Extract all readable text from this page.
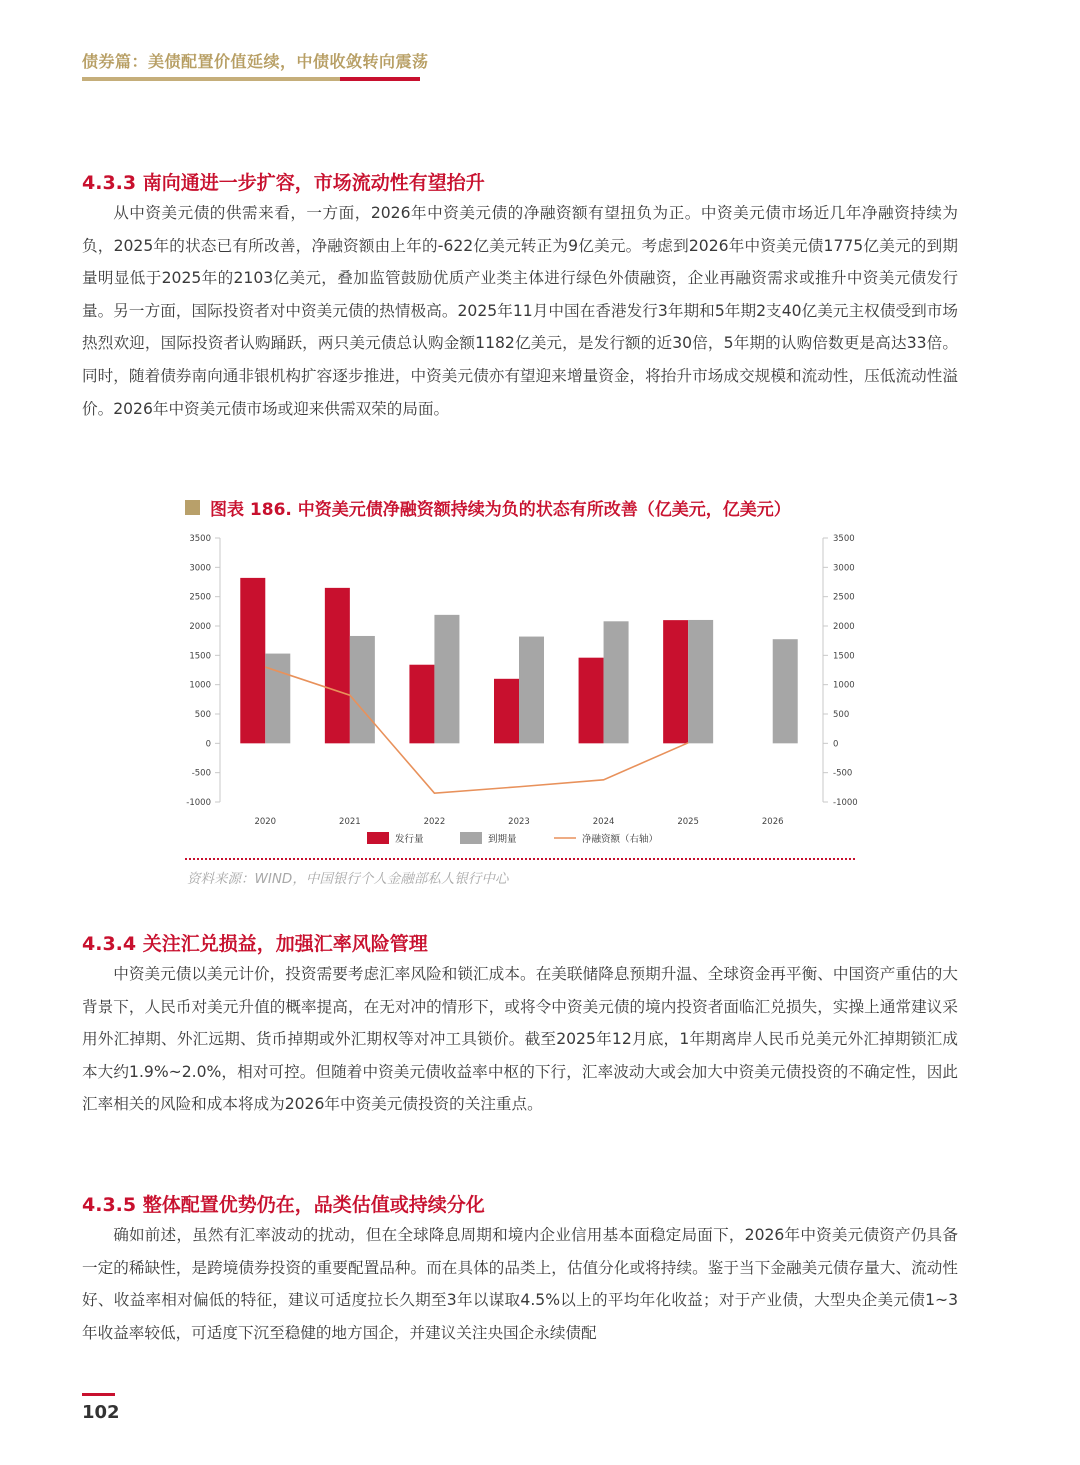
债券篇：美债配置价值延续，中债收敛转向震荡
4.3.3 南向通进一步扩容，市场流动性有望抬升

从中资美元债的供需来看，一方面，2026年中资美元债的净融资额有望扭负为正。中资美元债市场近几年净融资持续为负，2025年的状态已有所改善，净融资额由上年的-622亿美元转正为9亿美元。考虑到2026年中资美元债1775亿美元的到期量明显低于2025年的2103亿美元，叠加监管鼓励优质产业类主体进行绿色外债融资，企业再融资需求或推升中资美元债发行量。另一方面，国际投资者对中资美元债的热情极高。2025年11月中国在香港发行3年期和5年期2支40亿美元主权债受到市场热烈欢迎，国际投资者认购踊跃，两只美元债总认购金额1182亿美元，是发行额的近30倍，5年期的认购倍数更是高达33倍。同时，随着债券南向通非银机构扩容逐步推进，中资美元债亦有望迎来增量资金，将抬升市场成交规模和流动性，压低流动性溢价。2026年中资美元债市场或迎来供需双荣的局面。

图表 186. 中资美元债净融资额持续为负的状态有所改善（亿美元，亿美元）
-1000
-500
0
500
1000
1500
2000
2500
3000
3500
-1000
-500
0
500
1000
1500
2000
2500
3000
3500
2020	2021	2022	2023	2024	2025	2026
发行量	到期量	净融资额（右轴）
资料来源：WIND，中国银行个人金融部私人银行中心
4.3.4 关注汇兑损益，加强汇率风险管理

中资美元债以美元计价，投资需要考虑汇率风险和锁汇成本。在美联储降息预期升温、全球资金再平衡、中国资产重估的大背景下，人民币对美元升值的概率提高，在无对冲的情形下，或将令中资美元债的境内投资者面临汇兑损失，实操上通常建议采用外汇掉期、外汇远期、货币掉期或外汇期权等对冲工具锁价。截至2025年12月底，1年期离岸人民币兑美元外汇掉期锁汇成本大约1.9%~2.0%，相对可控。但随着中资美元债收益率中枢的下行，汇率波动大或会加大中资美元债投资的不确定性，因此汇率相关的风险和成本将成为2026年中资美元债投资的关注重点。

4.3.5 整体配置优势仍在，品类估值或持续分化

确如前述，虽然有汇率波动的扰动，但在全球降息周期和境内企业信用基本面稳定局面下，2026年中资美元债资产仍具备一定的稀缺性，是跨境债券投资的重要配置品种。而在具体的品类上，估值分化或将持续。鉴于当下金融美元债存量大、流动性好、收益率相对偏低的特征，建议可适度拉长久期至3年以谋取4.5%以上的平均年化收益；对于产业债，大型央企美元债1~3年收益率较低，可适度下沉至稳健的地方国企，并建议关注央国企永续债配

102
